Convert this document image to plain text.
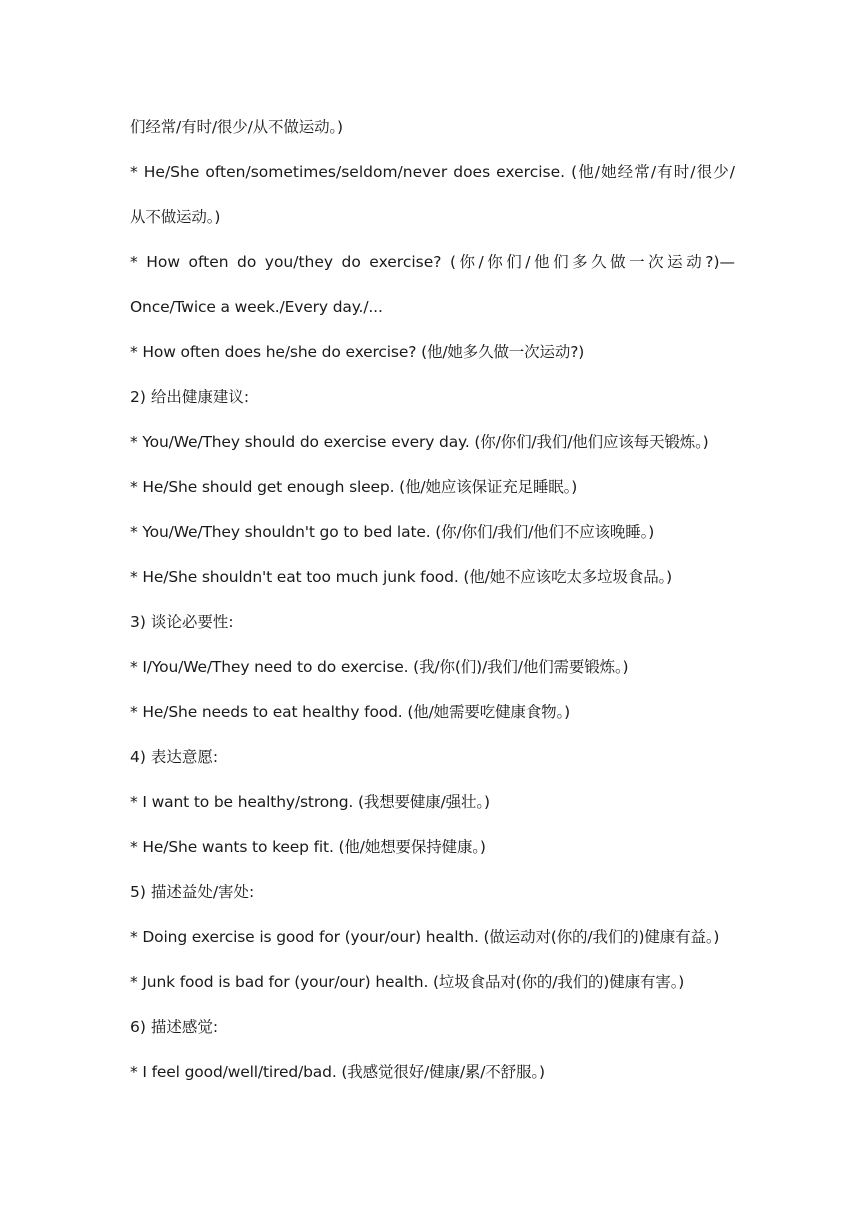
们经常/有时/很少/从不做运动。)
* He/She often/sometimes/seldom/never does exercise. (他/她经常/有时/很少/
从不做运动。)
* How often do you/they do exercise? (你/你们/他们多久做一次运动?)—
Once/Twice a week./Every day./...
* How often does he/she do exercise? (他/她多久做一次运动?)
2) 给出健康建议:
* You/We/They should do exercise every day. (你/你们/我们/他们应该每天锻炼。)
* He/She should get enough sleep. (他/她应该保证充足睡眠。)
* You/We/They shouldn't go to bed late. (你/你们/我们/他们不应该晚睡。)
* He/She shouldn't eat too much junk food. (他/她不应该吃太多垃圾食品。)
3) 谈论必要性:
* I/You/We/They need to do exercise. (我/你(们)/我们/他们需要锻炼。)
* He/She needs to eat healthy food. (他/她需要吃健康食物。)
4) 表达意愿:
* I want to be healthy/strong. (我想要健康/强壮。)
* He/She wants to keep fit. (他/她想要保持健康。)
5) 描述益处/害处:
* Doing exercise is good for (your/our) health. (做运动对(你的/我们的)健康有益。)
* Junk food is bad for (your/our) health. (垃圾食品对(你的/我们的)健康有害。)
6) 描述感觉:
* I feel good/well/tired/bad. (我感觉很好/健康/累/不舒服。)
